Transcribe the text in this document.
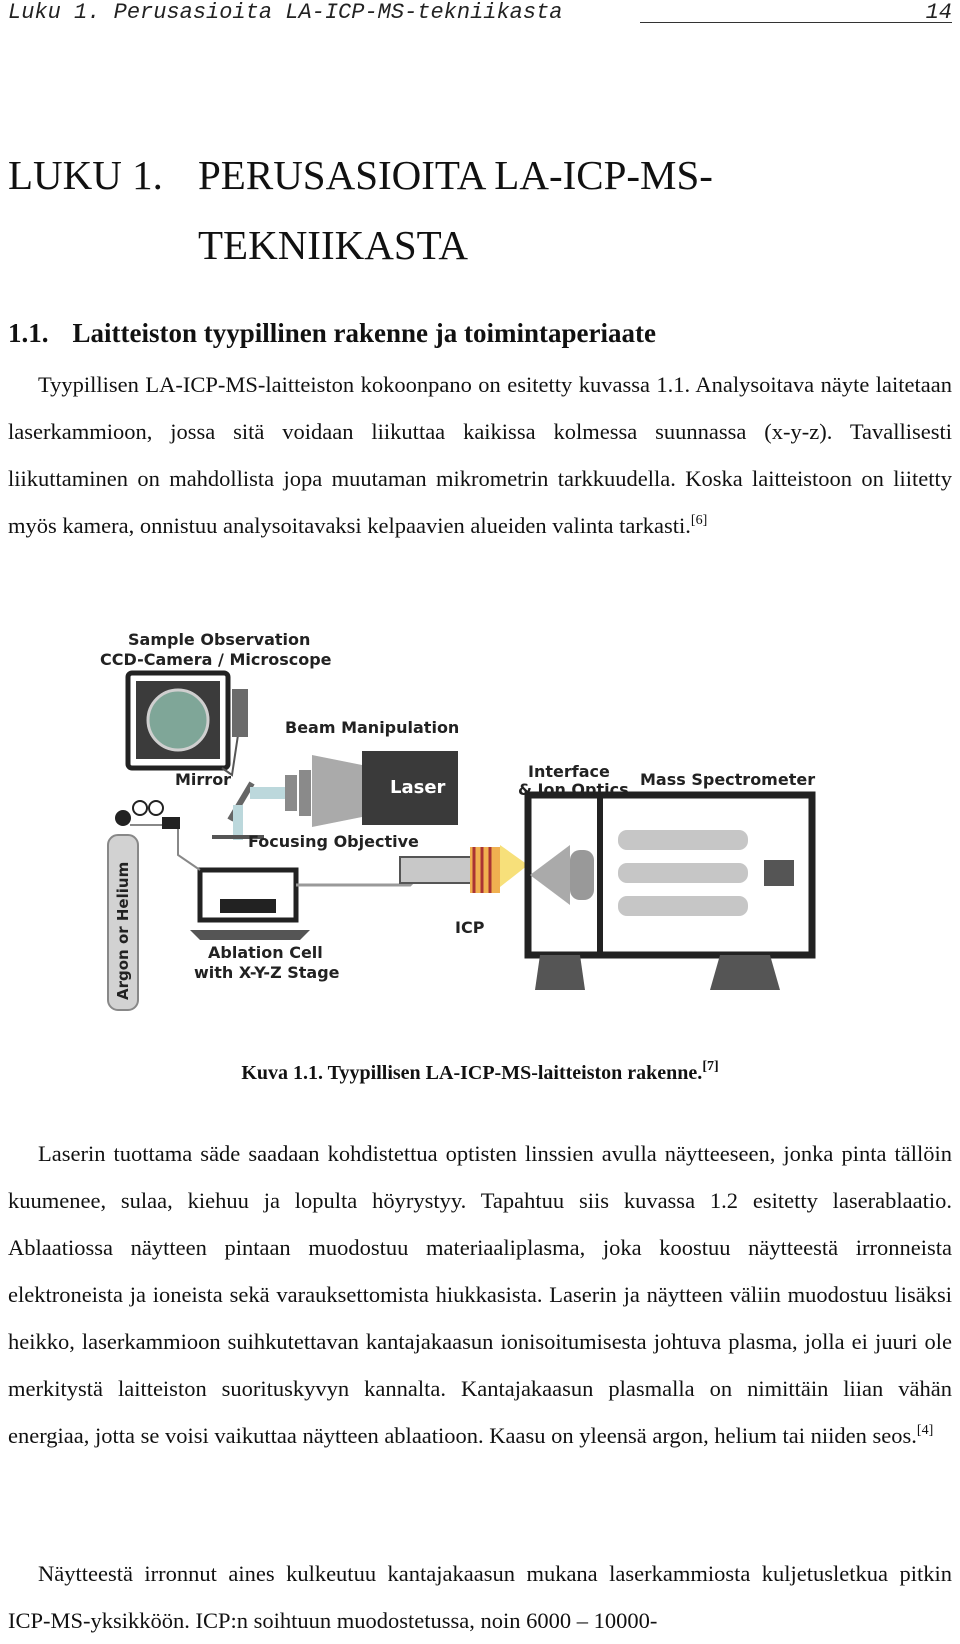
Luku 1. Perusasioita LA-ICP-MS-tekniikasta	14
LUKU 1. PERUSASIOITA LA-ICP-MS-TEKNIIKASTA
1.1. Laitteiston tyypillinen rakenne ja toimintaperiaate

Tyypillisen LA-ICP-MS-laitteiston kokoonpano on esitetty kuvassa 1.1. Analysoitava näyte laitetaan laserkammioon, jossa sitä voidaan liikuttaa kaikissa kolmessa suunnassa (x-y-z). Tavallisesti liikuttaminen on mahdollista jopa muutaman mikrometrin tarkkuudella. Koska laitteistoon on liitetty myös kamera, onnistuu analysoitavaksi kelpaavien alueiden valinta tarkasti.[6]

Sample Observation
CCD-Camera / Microscope
Beam Manipulation
Mirror	Laser
Interface
& Ion Optics
Mass Spectrometer
Focusing Objective
Argon or Helium	ICP
Ablation Cell
with X-Y-Z Stage
Kuva 1.1. Tyypillisen LA-ICP-MS-laitteiston rakenne.[7]

Laserin tuottama säde saadaan kohdistettua optisten linssien avulla näytteeseen, jonka pinta tällöin kuumenee, sulaa, kiehuu ja lopulta höyrystyy. Tapahtuu siis kuvassa 1.2 esitetty laserablaatio. Ablaatiossa näytteen pintaan muodostuu materiaaliplasma, joka koostuu näytteestä irronneista elektroneista ja ioneista sekä varauksettomista hiukkasista. Laserin ja näytteen väliin muodostuu lisäksi heikko, laserkammioon suihkutettavan kantajakaasun ionisoitumisesta johtuva plasma, jolla ei juuri ole merkitystä laitteiston suorituskyvyn kannalta. Kantajakaasun plasmalla on nimittäin liian vähän energiaa, jotta se voisi vaikuttaa näytteen ablaatioon. Kaasu on yleensä argon, helium tai niiden seos.[4]

Näytteestä irronnut aines kulkeutuu kantajakaasun mukana laserkammiosta kuljetusletkua pitkin ICP-MS-yksikköön. ICP:n soihtuun muodostetussa, noin 6000 – 10000-
